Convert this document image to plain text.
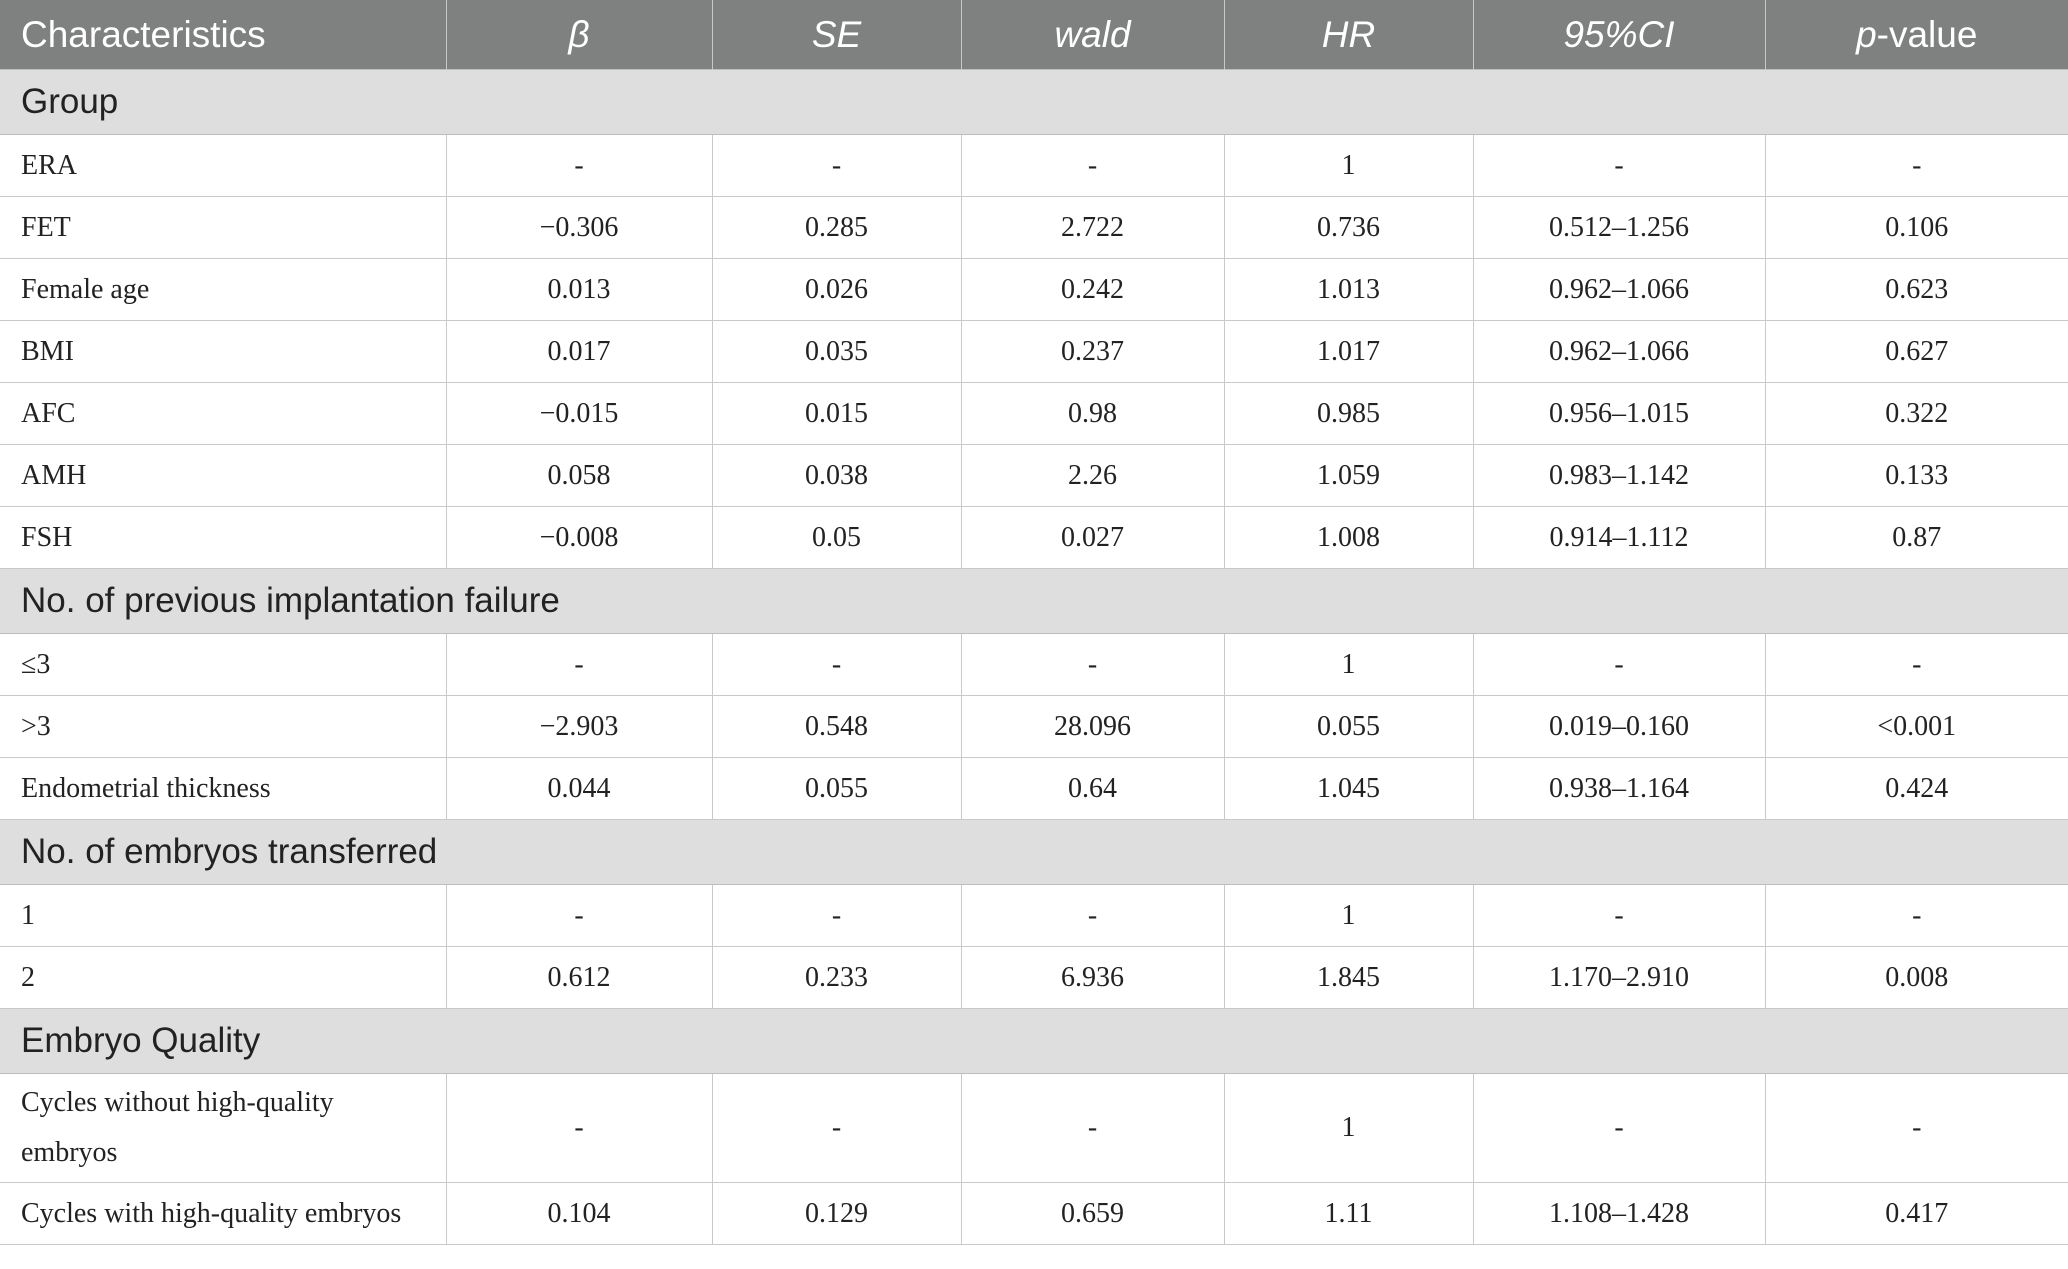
Characteristics	β	SE	wald	HR	95%CI	p-value
Group						
ERA	-	-	-	1	-	-
FET	−0.306	0.285	2.722	0.736	0.512–1.256	0.106
Female age	0.013	0.026	0.242	1.013	0.962–1.066	0.623
BMI	0.017	0.035	0.237	1.017	0.962–1.066	0.627
AFC	−0.015	0.015	0.98	0.985	0.956–1.015	0.322
AMH	0.058	0.038	2.26	1.059	0.983–1.142	0.133
FSH	−0.008	0.05	0.027	1.008	0.914–1.112	0.87
No. of previous implantation failure						
≤3	-	-	-	1	-	-
>3	−2.903	0.548	28.096	0.055	0.019–0.160	<0.001
Endometrial thickness	0.044	0.055	0.64	1.045	0.938–1.164	0.424
No. of embryos transferred						
1	-	-	-	1	-	-
2	0.612	0.233	6.936	1.845	1.170–2.910	0.008
Embryo Quality						
Cycles without high-quality embryos	-	-	-	1	-	-
Cycles with high-quality embryos	0.104	0.129	0.659	1.11	1.108–1.428	0.417
